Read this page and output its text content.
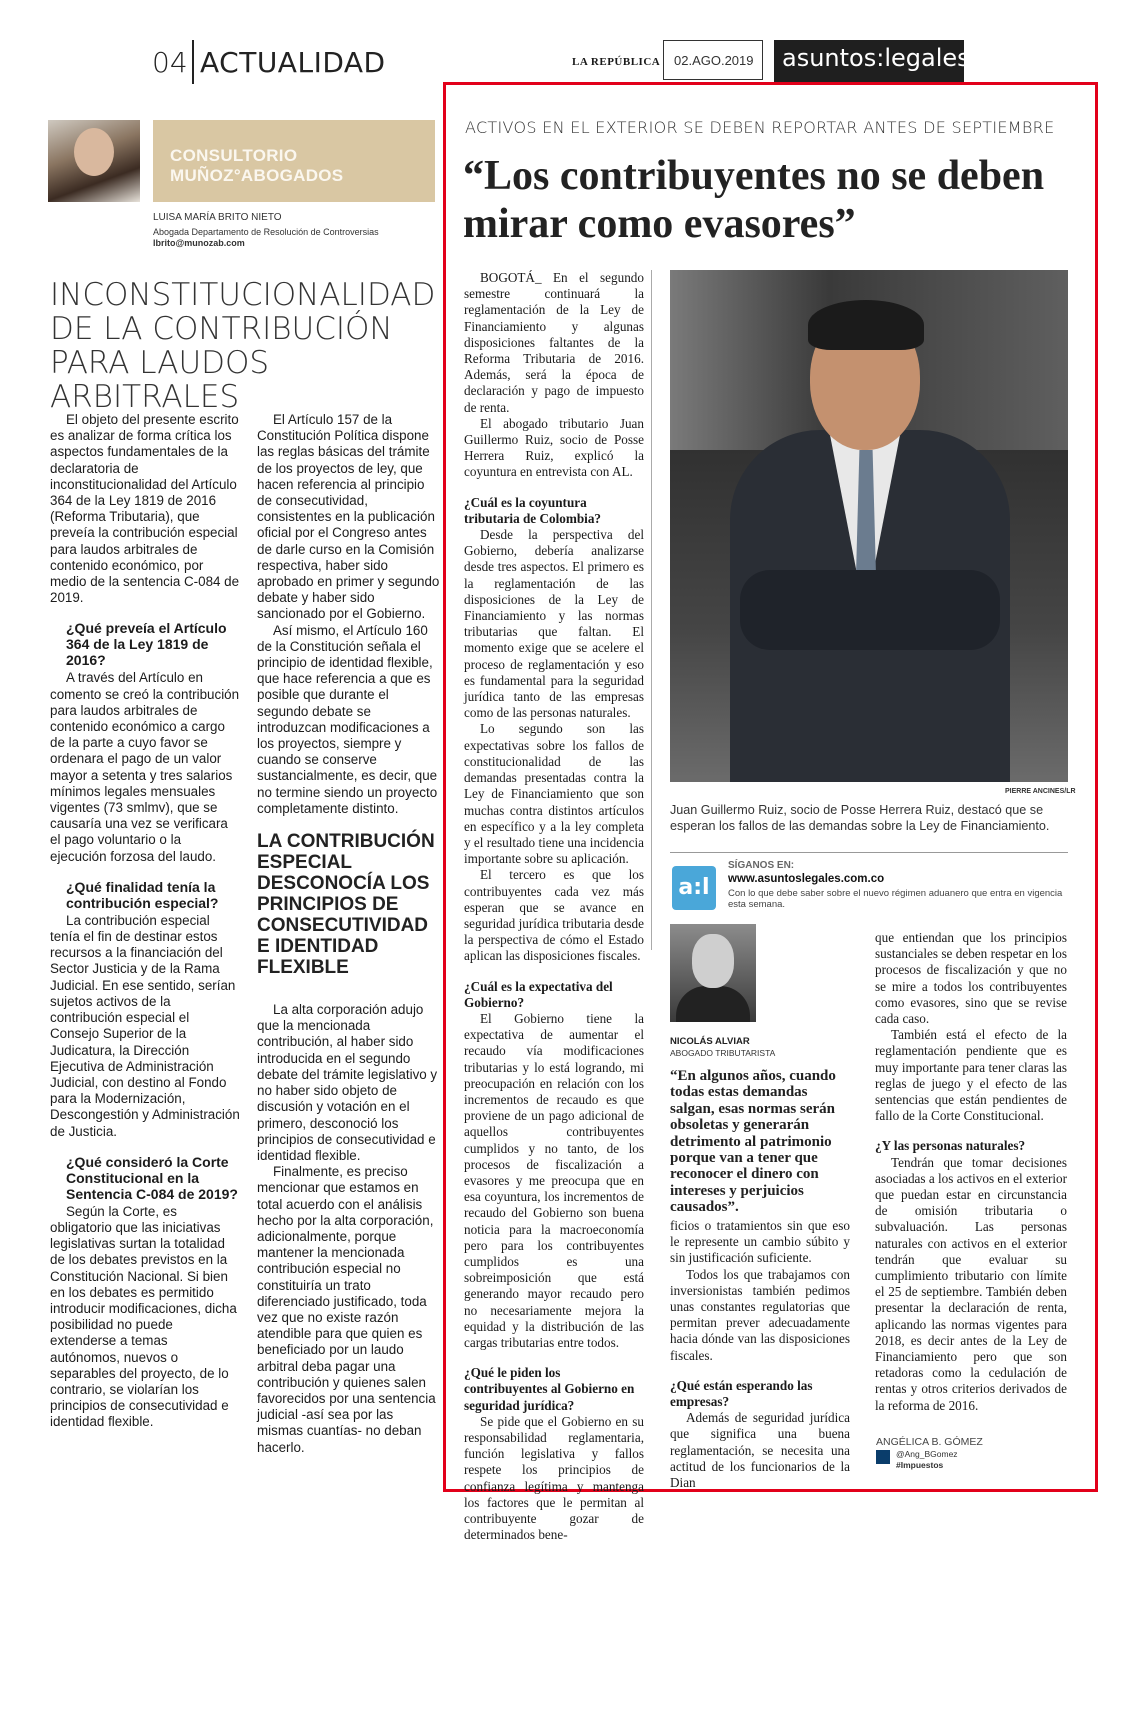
04 ACTUALIDAD	LA REPÚBLICA	02.AGO.2019	asuntos:legales
CONSULTORIO
MUÑOZ°ABOGADOS
LUISA MARÍA BRITO NIETO
Abogada Departamento de Resolución de Controversias
lbrito@munozab.com
INCONSTITUCIONALIDAD DE LA CONTRIBUCIÓN PARA LAUDOS ARBITRALES

El objeto del presente escrito es analizar de forma crítica los aspectos fundamentales de la declaratoria de inconstitucionalidad del Artículo 364 de la Ley 1819 de 2016 (Reforma Tributaria), que preveía la contribución especial para laudos arbitrales de contenido económico, por medio de la sentencia C-084 de 2019.

¿Qué preveía el Artículo 364 de la Ley 1819 de 2016?

A través del Artículo en comento se creó la contribución para laudos arbitrales de contenido económico a cargo de la parte a cuyo favor se ordenara el pago de un valor mayor a setenta y tres salarios mínimos legales mensuales vigentes (73 smlmv), que se causaría una vez se verificara el pago voluntario o la ejecución forzosa del laudo.

¿Qué finalidad tenía la contribución especial?

La contribución especial tenía el fin de destinar estos recursos a la financiación del Sector Justicia y de la Rama Judicial. En ese sentido, serían sujetos activos de la contribución especial el Consejo Superior de la Judicatura, la Dirección Ejecutiva de Administración Judicial, con destino al Fondo para la Modernización, Descongestión y Administración de Justicia.

¿Qué consideró la Corte Constitucional en la Sentencia C-084 de 2019?

Según la Corte, es obligatorio que las iniciativas legislativas surtan la totalidad de los debates previstos en la Constitución Nacional. Si bien en los debates es permitido introducir modificaciones, dicha posibilidad no puede extenderse a temas autónomos, nuevos o separables del proyecto, de lo contrario, se violarían los principios de consecutividad e identidad flexible.

El Artículo 157 de la Constitución Política dispone las reglas básicas del trámite de los proyectos de ley, que hacen referencia al principio de consecutividad, consistentes en la publicación oficial por el Congreso antes de darle curso en la Comisión respectiva, haber sido aprobado en primer y segundo debate y haber sido sancionado por el Gobierno.

Así mismo, el Artículo 160 de la Constitución señala el principio de identidad flexible, que hace referencia a que es posible que durante el segundo debate se introduzcan modificaciones a los proyectos, siempre y cuando se conserve sustancialmente, es decir, que no termine siendo un proyecto completamente distinto.

LA CONTRIBUCIÓN ESPECIAL DESCONOCÍA LOS PRINCIPIOS DE CONSECUTIVIDAD E IDENTIDAD FLEXIBLE

La alta corporación adujo que la mencionada contribución, al haber sido introducida en el segundo debate del trámite legislativo y no haber sido objeto de discusión y votación en el primero, desconoció los principios de consecutividad e identidad flexible.

Finalmente, es preciso mencionar que estamos en total acuerdo con el análisis hecho por la alta corporación, adicionalmente, porque mantener la mencionada contribución especial no constituiría un trato diferenciado justificado, toda vez que no existe razón atendible para que quien es beneficiado por un laudo arbitral deba pagar una contribución y quienes salen favorecidos por una sentencia judicial -así sea por las mismas cuantías- no deban hacerlo.

ACTIVOS EN EL EXTERIOR SE DEBEN REPORTAR ANTES DE SEPTIEMBRE
“Los contribuyentes no se deben mirar como evasores”

BOGOTÁ_ En el segundo semestre continuará la reglamentación de la Ley de Financiamiento y algunas disposiciones faltantes de la Reforma Tributaria de 2016. Además, será la época de declaración y pago de impuesto de renta.

El abogado tributario Juan Guillermo Ruiz, socio de Posse Herrera Ruiz, explicó la coyuntura en entrevista con AL.

¿Cuál es la coyuntura tributaria de Colombia?

Desde la perspectiva del Gobierno, debería analizarse desde tres aspectos. El primero es la reglamentación de las disposiciones de la Ley de Financiamiento y las normas tributarias que faltan. El momento exige que se acelere el proceso de reglamentación y eso es fundamental para la seguridad jurídica tanto de las empresas como de las personas naturales.

Lo segundo son las expectativas sobre los fallos de constitucionalidad de las demandas presentadas contra la Ley de Financiamiento que son muchas contra distintos artículos en específico y a la ley completa y el resultado tiene una incidencia importante sobre su aplicación.

El tercero es que los contribuyentes cada vez más esperan que se avance en seguridad jurídica tributaria desde la perspectiva de cómo el Estado aplican las disposiciones fiscales.

¿Cuál es la expectativa del Gobierno?

El Gobierno tiene la expectativa de aumentar el recaudo vía modificaciones tributarias y lo está logrando, mi preocupación en relación con los incrementos de recaudo es que proviene de un pago adicional de aquellos contribuyentes cumplidos y no tanto, de los procesos de fiscalización a evasores y me preocupa que en esa coyuntura, los incrementos de recaudo del Gobierno son buena noticia para la macroeconomía pero para los contribuyentes cumplidos es una sobreimposición que está generando mayor recaudo pero no necesariamente mejora la equidad y la distribución de las cargas tributarias entre todos.

¿Qué le piden los contribuyentes al Gobierno en seguridad jurídica?

Se pide que el Gobierno en su responsabilidad reglamentaria, función legislativa y fallos respete los principios de confianza legítima y mantenga los factores que le permitan al contribuyente gozar de determinados bene-

PIERRE ANCINES/LR
Juan Guillermo Ruiz, socio de Posse Herrera Ruiz, destacó que se esperan los fallos de las demandas sobre la Ley de Financiamiento.
a:l
SÍGANOS EN:
www.asuntoslegales.com.co
Con lo que debe saber sobre el nuevo régimen aduanero que entra en vigencia esta semana.
NICOLÁS ALVIAR
ABOGADO TRIBUTARISTA
“En algunos años, cuando todas estas demandas salgan, esas normas serán obsoletas y generarán detrimento al patrimonio porque van a tener que reconocer el dinero con intereses y perjuicios causados”.

ficios o tratamientos sin que eso le represente un cambio súbito y sin justificación suficiente.

Todos los que trabajamos con inversionistas también pedimos unas constantes regulatorias que permitan prever adecuadamente hacia dónde van las disposiciones fiscales.

¿Qué están esperando las empresas?

Además de seguridad jurídica que significa una buena reglamentación, se necesita una actitud de los funcionarios de la Dian

que entiendan que los principios sustanciales se deben respetar en los procesos de fiscalización y que no se mire a todos los contribuyentes como evasores, sino que se revise cada caso.

También está el efecto de la reglamentación pendiente que es muy importante para tener claras las reglas de juego y el efecto de las sentencias que están pendientes de fallo de la Corte Constitucional.

¿Y las personas naturales?

Tendrán que tomar decisiones asociadas a los activos en el exterior que puedan estar en circunstancia de omisión tributaria o subvaluación. Las personas naturales con activos en el exterior tendrán que evaluar su cumplimiento tributario con límite el 25 de septiembre. También deben presentar la declaración de renta, aplicando las normas vigentes para 2018, es decir antes de la Ley de Financiamiento pero que son retadoras como la cedulación de rentas y otros criterios derivados de la reforma de 2016.

ANGÉLICA B. GÓMEZ
@Ang_BGomez
#Impuestos
